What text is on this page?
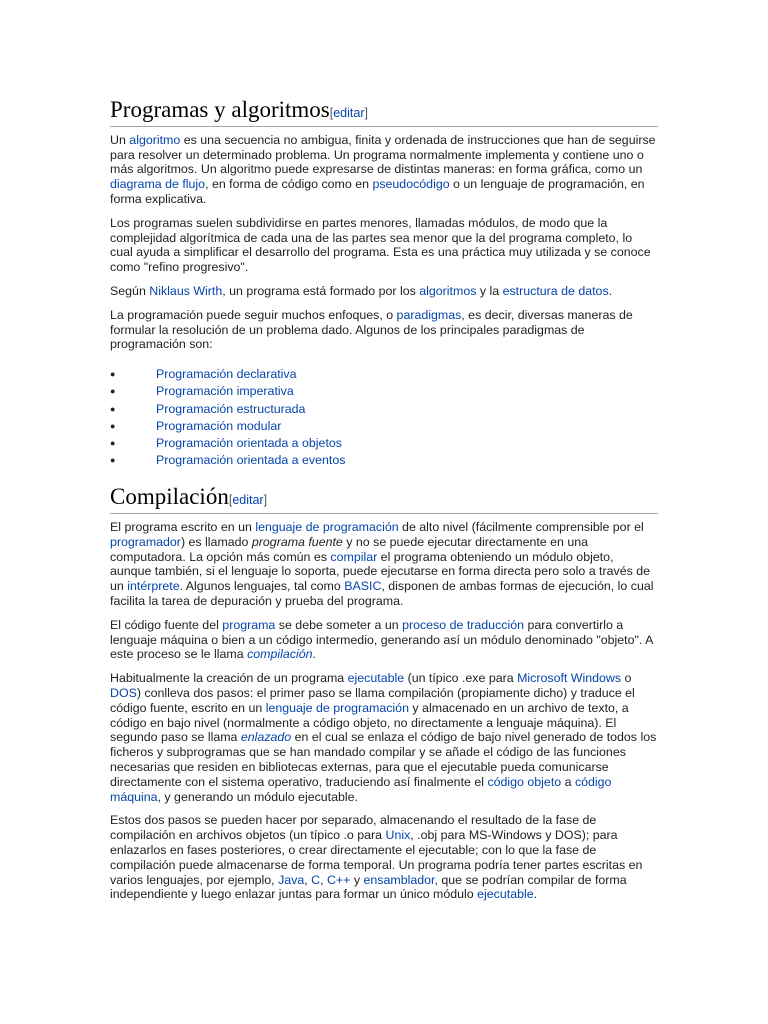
Programas y algoritmos[editar]

Un algoritmo es una secuencia no ambigua, finita y ordenada de instrucciones que han de seguirse para resolver un determinado problema. Un programa normalmente implementa y contiene uno o más algoritmos. Un algoritmo puede expresarse de distintas maneras: en forma gráfica, como un diagrama de flujo, en forma de código como en pseudocódigo o un lenguaje de programación, en forma explicativa.

Los programas suelen subdividirse en partes menores, llamadas módulos, de modo que la complejidad algorítmica de cada una de las partes sea menor que la del programa completo, lo cual ayuda a simplificar el desarrollo del programa. Esta es una práctica muy utilizada y se conoce como "refino progresivo".

Según Niklaus Wirth, un programa está formado por los algoritmos y la estructura de datos.

La programación puede seguir muchos enfoques, o paradigmas, es decir, diversas maneras de formular la resolución de un problema dado. Algunos de los principales paradigmas de programación son:

●	Programación declarativa
●	Programación imperativa
●	Programación estructurada
●	Programación modular
●	Programación orientada a objetos
●	Programación orientada a eventos
Compilación[editar]

El programa escrito en un lenguaje de programación de alto nivel (fácilmente comprensible por el programador) es llamado programa fuente y no se puede ejecutar directamente en una computadora. La opción más común es compilar el programa obteniendo un módulo objeto, aunque también, si el lenguaje lo soporta, puede ejecutarse en forma directa pero solo a través de un intérprete. Algunos lenguajes, tal como BASIC, disponen de ambas formas de ejecución, lo cual facilita la tarea de depuración y prueba del programa.

El código fuente del programa se debe someter a un proceso de traducción para convertirlo a lenguaje máquina o bien a un código intermedio, generando así un módulo denominado "objeto". A este proceso se le llama compilación.

Habitualmente la creación de un programa ejecutable (un típico .exe para Microsoft Windows o DOS) conlleva dos pasos: el primer paso se llama compilación (propiamente dicho) y traduce el código fuente, escrito en un lenguaje de programación y almacenado en un archivo de texto, a código en bajo nivel (normalmente a código objeto, no directamente a lenguaje máquina). El segundo paso se llama enlazado en el cual se enlaza el código de bajo nivel generado de todos los ficheros y subprogramas que se han mandado compilar y se añade el código de las funciones necesarias que residen en bibliotecas externas, para que el ejecutable pueda comunicarse directamente con el sistema operativo, traduciendo así finalmente el código objeto a código máquina, y generando un módulo ejecutable.

Estos dos pasos se pueden hacer por separado, almacenando el resultado de la fase de compilación en archivos objetos (un típico .o para Unix, .obj para MS-Windows y DOS); para enlazarlos en fases posteriores, o crear directamente el ejecutable; con lo que la fase de compilación puede almacenarse de forma temporal. Un programa podría tener partes escritas en varios lenguajes, por ejemplo, Java, C, C++ y ensamblador, que se podrían compilar de forma independiente y luego enlazar juntas para formar un único módulo ejecutable.
